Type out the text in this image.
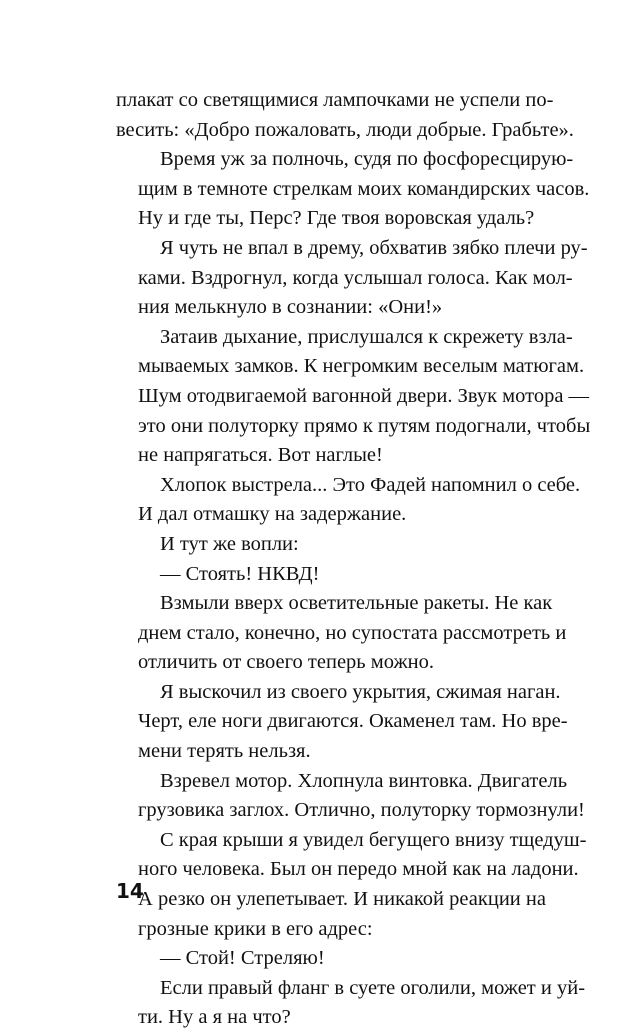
плакат со светящимися лампочками не успели по-
весить: «Добро пожаловать, люди добрые. Грабьте».
Время уж за полночь, судя по фосфоресцирую-
щим в темноте стрелкам моих командирских часов.
Ну и где ты, Перс? Где твоя воровская удаль?
Я чуть не впал в дрему, обхватив зябко плечи ру-
ками. Вздрогнул, когда услышал голоса. Как мол-
ния мелькнуло в сознании: «Они!»
Затаив дыхание, прислушался к скрежету взла-
мываемых замков. К негромким веселым матюгам.
Шум отодвигаемой вагонной двери. Звук мотора —
это они полуторку прямо к путям подогнали, чтобы
не напрягаться. Вот наглые!
Хлопок выстрела... Это Фадей напомнил о себе.
И дал отмашку на задержание.
И тут же вопли:
— Стоять! НКВД!
Взмыли вверх осветительные ракеты. Не как
днем стало, конечно, но супостата рассмотреть и
отличить от своего теперь можно.
Я выскочил из своего укрытия, сжимая наган.
Черт, еле ноги двигаются. Окаменел там. Но вре-
мени терять нельзя.
Взревел мотор. Хлопнула винтовка. Двигатель
грузовика заглох. Отлично, полуторку тормознули!
С края крыши я увидел бегущего внизу тщедуш-
ного человека. Был он передо мной как на ладони.
А резко он улепетывает. И никакой реакции на
грозные крики в его адрес:
— Стой! Стреляю!
Если правый фланг в суете оголили, может и уй-
ти. Ну а я на что?
14
